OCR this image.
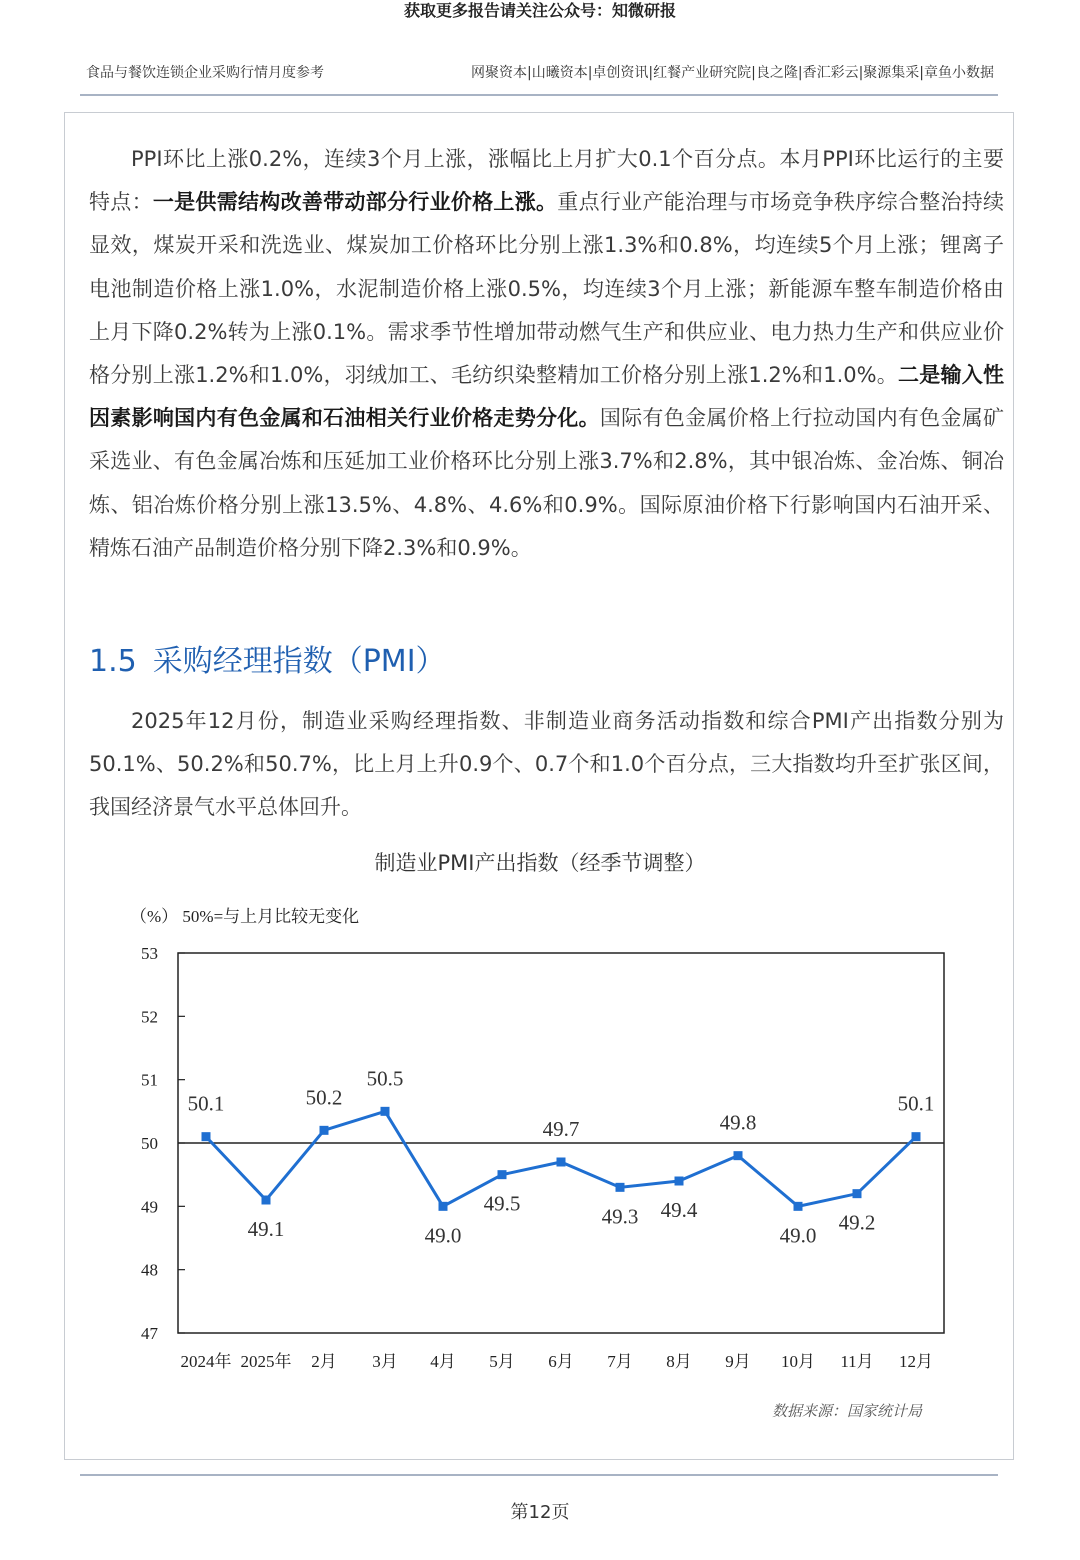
获取更多报告请关注公众号：知微研报
食品与餐饮连锁企业采购行情月度参考	网聚资本|山曦资本|卓创资讯|红餐产业研究院|良之隆|香汇彩云|聚源集采|章鱼小数据

PPI环比上涨0.2%，连续3个月上涨，涨幅比上月扩大0.1个百分点。本月PPI环比运行的主要特点：一是供需结构改善带动部分行业价格上涨。重点行业产能治理与市场竞争秩序综合整治持续显效，煤炭开采和洗选业、煤炭加工价格环比分别上涨1.3%和0.8%，均连续5个月上涨；锂离子电池制造价格上涨1.0%，水泥制造价格上涨0.5%，均连续3个月上涨；新能源车整车制造价格由上月下降0.2%转为上涨0.1%。需求季节性增加带动燃气生产和供应业、电力热力生产和供应业价格分别上涨1.2%和1.0%，羽绒加工、毛纺织染整精加工价格分别上涨1.2%和1.0%。二是输入性因素影响国内有色金属和石油相关行业价格走势分化。国际有色金属价格上行拉动国内有色金属矿采选业、有色金属冶炼和压延加工业价格环比分别上涨3.7%和2.8%，其中银冶炼、金冶炼、铜冶炼、铝冶炼价格分别上涨13.5%、4.8%、4.6%和0.9%。国际原油价格下行影响国内石油开采、精炼石油产品制造价格分别下降2.3%和0.9%。

1.5 采购经理指数（PMI）

2025年12月份，制造业采购经理指数、非制造业商务活动指数和综合PMI产出指数分别为50.1%、50.2%和50.7%，比上月上升0.9个、0.7个和1.0个百分点，三大指数均升至扩张区间，我国经济景气水平总体回升。

制造业PMI产出指数（经季节调整）
（%） 50%=与上月比较无变化
47
48
49
50
51
52
53
50.1
49.1
50.2
50.5
49.0
49.5
49.7
49.3 49.4
49.8
49.0
49.2
50.1
2024年 2025年 2月 3月 4月 5月 6月 7月 8月 9月 10月 11月 12月
数据来源：国家统计局
第12页
